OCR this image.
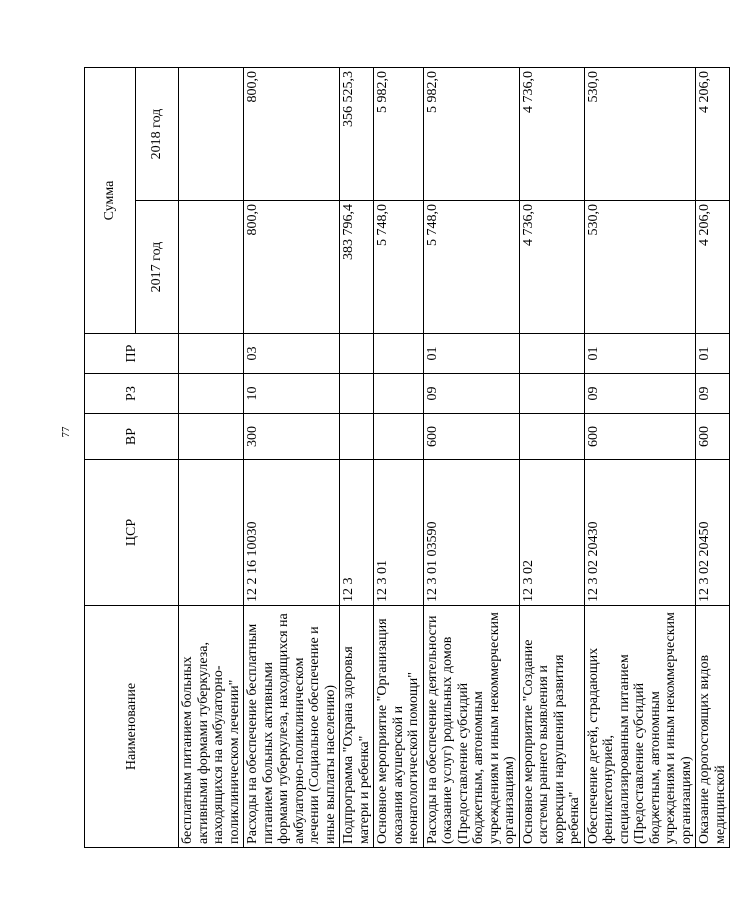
77
Наименование	ЦСР	ВР	РЗ	ПР	Сумма	
					2017 год	2018 год
бесплатным питанием больных активными формами туберкулеза, находящихся на амбулаторно-поликлиническом лечении"						
Расходы на обеспечение бесплатным питанием больных активными формами туберкулеза, находящихся на амбулаторно-поликлиническом лечении (Социальное обеспечение и иные выплаты населению)	12 2 16 10030	300	10	03	800,0	800,0
Подпрограмма "Охрана здоровья матери и ребенка"	12 3				383 796,4	356 525,3
Основное мероприятие "Организация оказания акушерской и неонатологической помощи"	12 3 01				5 748,0	5 982,0
Расходы на обеспечение деятельности (оказание услуг) родильных домов (Предоставление субсидий бюджетным, автономным учреждениям и иным некоммерческим организациям)	12 3 01 03590	600	09	01	5 748,0	5 982,0
Основное мероприятие "Создание системы раннего выявления и коррекции нарушений развития ребенка"	12 3 02				4 736,0	4 736,0
Обеспечение детей, страдающих фенилкетонурией, специализированным питанием (Предоставление субсидий бюджетным, автономным учреждениям и иным некоммерческим организациям)	12 3 02 20430	600	09	01	530,0	530,0
Оказание дорогостоящих видов медицинской	12 3 02 20450	600	09	01	4 206,0	4 206,0
